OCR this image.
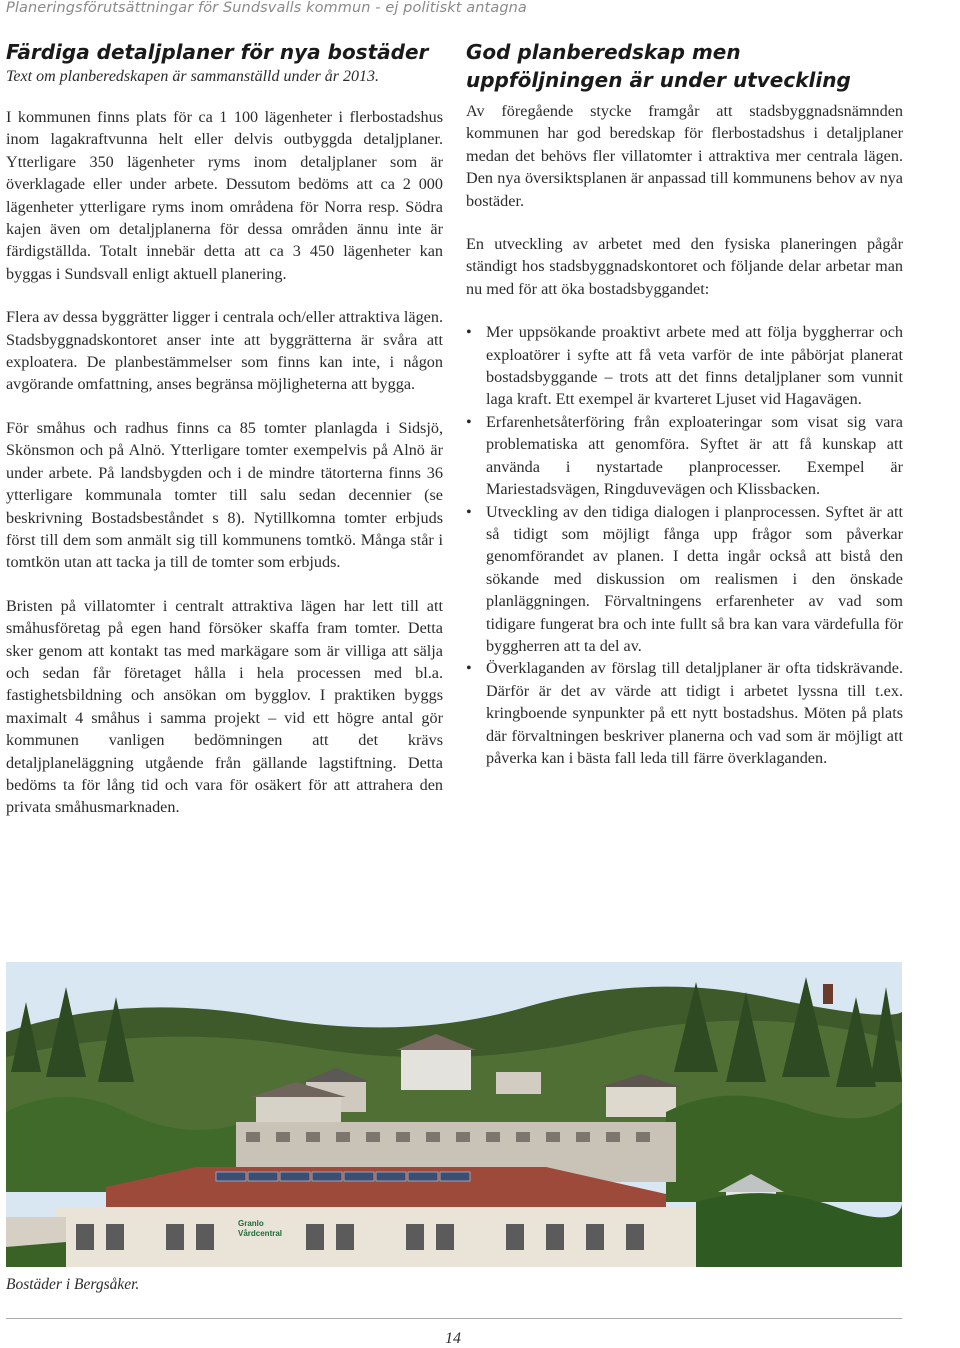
Planeringsförutsättningar för Sundsvalls kommun - ej politiskt antagna
Färdiga detaljplaner för nya bostäder

Text om planberedskapen är sammanställd under år 2013.

I kommunen finns plats för ca 1 100 lägenheter i flerbostadshus inom lagakraftvunna helt eller delvis outbyggda detaljplaner. Ytterligare 350 lägenheter ryms inom detaljplaner som är överklagade eller under arbete. Dessutom bedöms att ca 2 000 lägenheter ytterligare ryms inom områdena för Norra resp. Södra kajen även om detaljplanerna för dessa områden ännu inte är färdigställda. Totalt innebär detta att ca 3 450 lägenheter kan byggas i Sundsvall enligt aktuell planering.

Flera av dessa byggrätter ligger i centrala och/eller attraktiva lägen. Stadsbyggnadskontoret anser inte att byggrätterna är svåra att exploatera. De planbestämmelser som finns kan inte, i någon avgörande omfattning, anses begränsa möjligheterna att bygga.

För småhus och radhus finns ca 85 tomter planlagda i Sidsjö, Skönsmon och på Alnö. Ytterligare tomter exempelvis på Alnö är under arbete. På landsbygden och i de mindre tätorterna finns 36 ytterligare kommunala tomter till salu sedan decennier (se beskrivning Bostadsbeståndet s 8). Nytillkomna tomter erbjuds först till dem som anmält sig till kommunens tomtkö. Många står i tomtkön utan att tacka ja till de tomter som erbjuds.

Bristen på villatomter i centralt attraktiva lägen har lett till att småhusföretag på egen hand försöker skaffa fram tomter. Detta sker genom att kontakt tas med markägare som är villiga att sälja och sedan får företaget hålla i hela processen med bl.a. fastighetsbildning och ansökan om bygglov. I praktiken byggs maximalt 4 småhus i samma projekt – vid ett högre antal gör kommunen vanligen bedömningen att det krävs detaljplaneläggning utgående från gällande lagstiftning. Detta bedöms ta för lång tid och vara för osäkert för att attrahera den privata småhusmarknaden.

God planberedskap men uppföljningen är under utveckling

Av föregående stycke framgår att stadsbyggnadsnämnden kommunen har god beredskap för flerbostadshus i detaljplaner medan det behövs fler villatomter i attraktiva mer centrala lägen. Den nya översiktsplanen är anpassad till kommunens behov av nya bostäder.

En utveckling av arbetet med den fysiska planeringen pågår ständigt hos stadsbyggnadskontoret och följande delar arbetar man nu med för att öka bostadsbyggandet:

• Mer uppsökande proaktivt arbete med att följa byggherrar och exploatörer i syfte att få veta varför de inte påbörjat planerat bostadsbyggande – trots att det finns detaljplaner som vunnit laga kraft. Ett exempel är kvarteret Ljuset vid Hagavägen.
• Erfarenhetsåterföring från exploateringar som visat sig vara problematiska att genomföra. Syftet är att få kunskap att använda i nystartade planprocesser. Exempel är Mariestadsvägen, Ringduvevägen och Klissbacken.
• Utveckling av den tidiga dialogen i planprocessen. Syftet är att så tidigt som möjligt fånga upp frågor som påverkar genomförandet av planen. I detta ingår också att bistå den sökande med diskussion om realismen i den önskade planläggningen. Förvaltningens erfarenheter av vad som tidigare fungerat bra och inte fullt så bra kan vara värdefulla för byggherren att ta del av.
• Överklaganden av förslag till detaljplaner är ofta tidskrävande. Därför är det av värde att tidigt i arbetet lyssna till t.ex. kringboende synpunkter på ett nytt bostadshus. Möten på plats där förvaltningen beskriver planerna och vad som är möjligt att påverka kan i bästa fall leda till färre överklaganden.
Granlo
Vårdcentral
Bostäder i Bergsåker.
14
